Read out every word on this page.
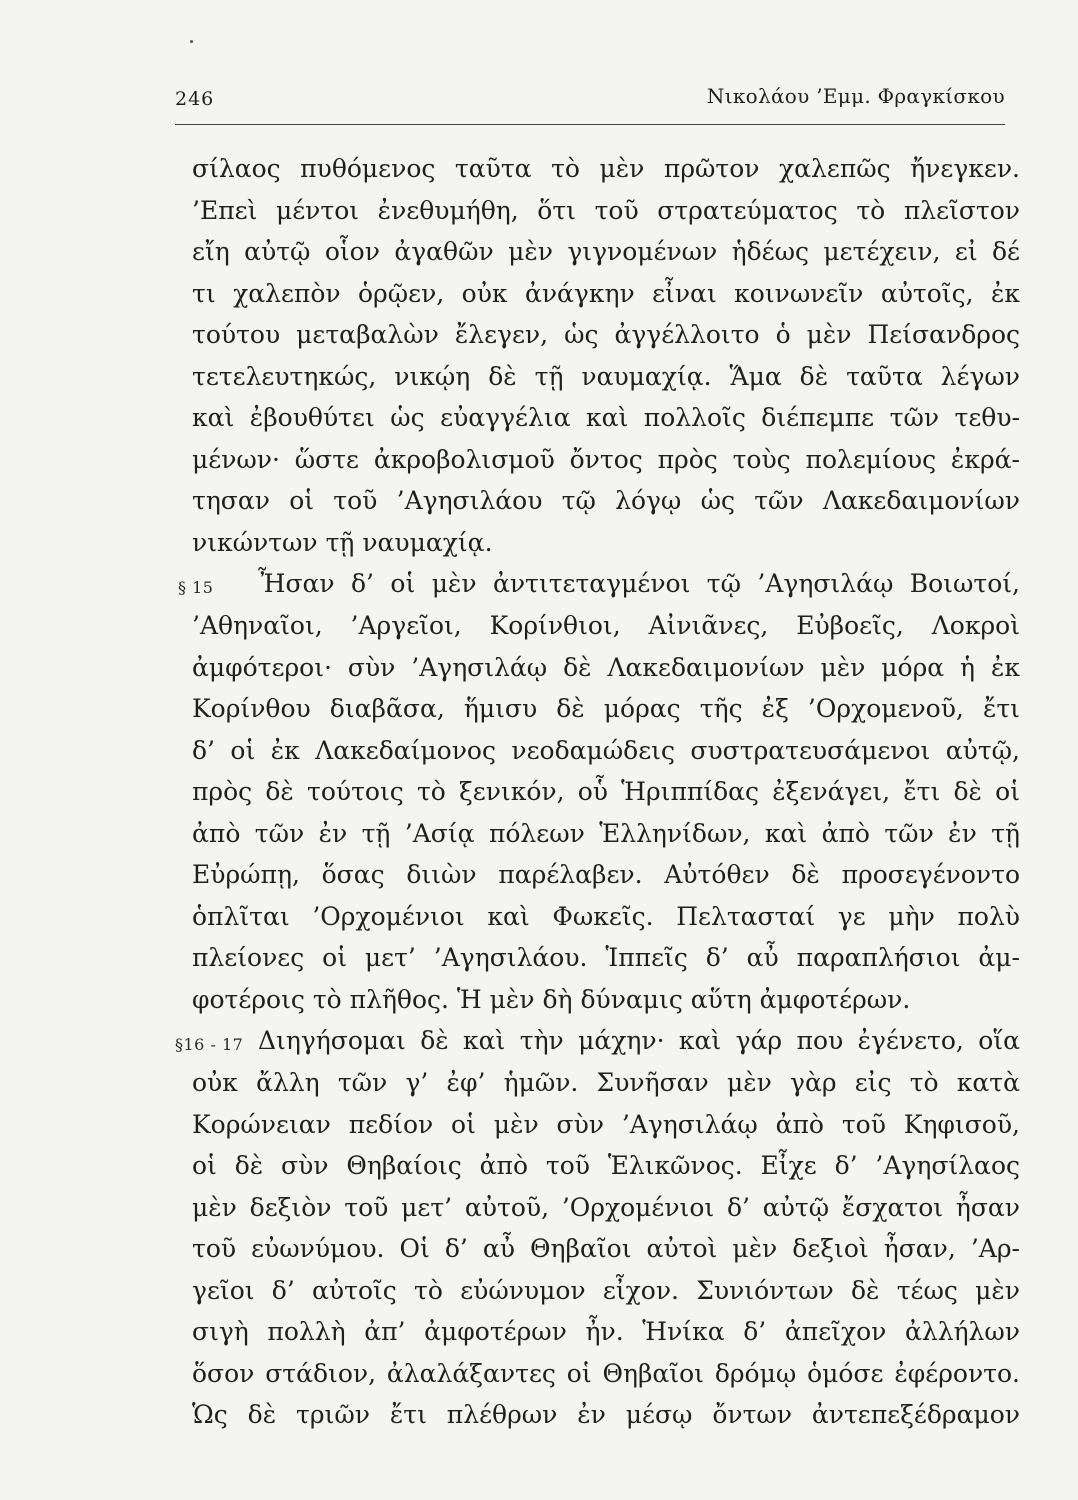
246	Νικολάου ’Εμμ. Φραγκίσκου
§ 15
§16 - 17
σίλαος πυθόμενος ταῦτα τὸ μὲν πρῶτον χαλεπῶς ἤνεγκεν.
’Επεὶ μέντοι ἐνεθυμήθη, ὅτι τοῦ στρατεύματος τὸ πλεῖστον
εἴη αὐτῷ οἷον ἀγαθῶν μὲν γιγνομένων ἡδέως μετέχειν, εἰ δέ
τι χαλεπὸν ὁρῷεν, οὐκ ἀνάγκην εἶναι κοινωνεῖν αὐτοῖς, ἐκ
τούτου μεταβαλὼν ἔλεγεν, ὡς ἀγγέλλοιτο ὁ μὲν Πείσανδρος
τετελευτηκώς, νικῴη δὲ τῇ ναυμαχίᾳ. Ἅμα δὲ ταῦτα λέγων
καὶ ἐβουθύτει ὡς εὐαγγέλια καὶ πολλοῖς διέπεμπε τῶν τεθυ-
μένων· ὥστε ἀκροβολισμοῦ ὄντος πρὸς τοὺς πολεμίους ἐκρά-
τησαν οἱ τοῦ ’Αγησιλάου τῷ λόγῳ ὡς τῶν Λακεδαιμονίων
νικώντων τῇ ναυμαχίᾳ.
Ἦσαν δ’ οἱ μὲν ἀντιτεταγμένοι τῷ ’Αγησιλάῳ Βοιωτοί,
’Αθηναῖοι, ’Αργεῖοι, Κορίνθιοι, Αἰνιᾶνες, Εὐβοεῖς, Λοκροὶ
ἀμφότεροι· σὺν ’Αγησιλάῳ δὲ Λακεδαιμονίων μὲν μόρα ἡ ἐκ
Κορίνθου διαβᾶσα, ἥμισυ δὲ μόρας τῆς ἐξ ’Ορχομενοῦ, ἔτι
δ’ οἱ ἐκ Λακεδαίμονος νεοδαμώδεις συστρατευσάμενοι αὐτῷ,
πρὸς δὲ τούτοις τὸ ξενικόν, οὗ Ἡριππίδας ἐξενάγει, ἔτι δὲ οἱ
ἀπὸ τῶν ἐν τῇ ’Ασίᾳ πόλεων Ἑλληνίδων, καὶ ἀπὸ τῶν ἐν τῇ
Εὐρώπῃ, ὅσας διιὼν παρέλαβεν. Αὐτόθεν δὲ προσεγένοντο
ὁπλῖται ’Ορχομένιοι καὶ Φωκεῖς. Πελτασταί γε μὴν πολὺ
πλείονες οἱ μετ’ ’Αγησιλάου. Ἱππεῖς δ’ αὖ παραπλήσιοι ἀμ-
φοτέροις τὸ πλῆθος. Ἡ μὲν δὴ δύναμις αὕτη ἀμφοτέρων.
Διηγήσομαι δὲ καὶ τὴν μάχην· καὶ γάρ που ἐγένετο, οἵα
οὐκ ἄλλη τῶν γ’ ἐφ’ ἡμῶν. Συνῆσαν μὲν γὰρ εἰς τὸ κατὰ
Κορώνειαν πεδίον οἱ μὲν σὺν ’Αγησιλάῳ ἀπὸ τοῦ Κηφισοῦ,
οἱ δὲ σὺν Θηβαίοις ἀπὸ τοῦ Ἑλικῶνος. Εἶχε δ’ ’Αγησίλαος
μὲν δεξιὸν τοῦ μετ’ αὐτοῦ, ’Ορχομένιοι δ’ αὐτῷ ἔσχατοι ἦσαν
τοῦ εὐωνύμου. Οἱ δ’ αὖ Θηβαῖοι αὐτοὶ μὲν δεξιοὶ ἦσαν, ’Αρ-
γεῖοι δ’ αὐτοῖς τὸ εὐώνυμον εἶχον. Συνιόντων δὲ τέως μὲν
σιγὴ πολλὴ ἀπ’ ἀμφοτέρων ἦν. Ἡνίκα δ’ ἀπεῖχον ἀλλήλων
ὅσον στάδιον, ἀλαλάξαντες οἱ Θηβαῖοι δρόμῳ ὁμόσε ἐφέροντο.
Ὡς δὲ τριῶν ἔτι πλέθρων ἐν μέσῳ ὄντων ἀντεπεξέδραμον
